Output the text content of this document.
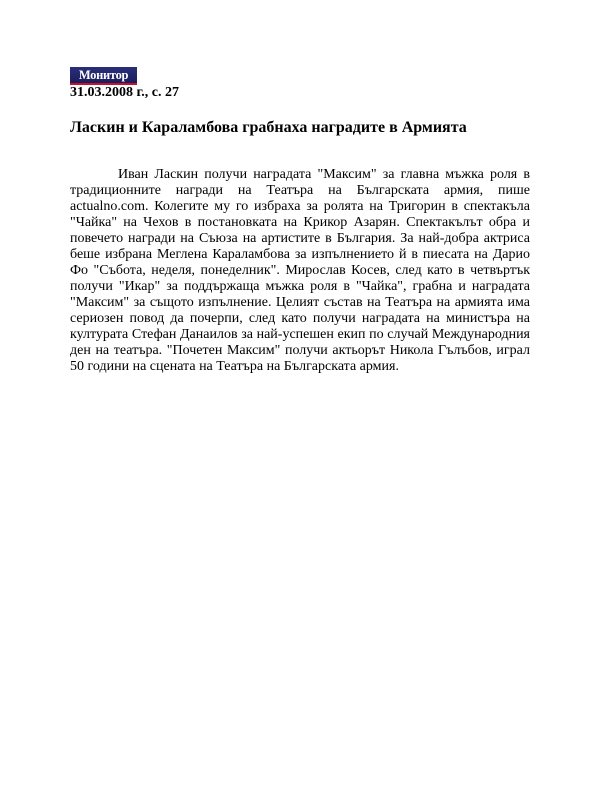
Монитор
31.03.2008 г., с. 27
Ласкин и Караламбова грабнаха наградите в Армията

Иван Ласкин получи наградата "Максим" за главна мъжка роля в традиционните награди на Театъра на Българската армия, пише actualno.com. Колегите му го избраха за ролята на Тригорин в спектакъла "Чайка" на Чехов в постановката на Крикор Азарян. Спектакълът обра и повечето награди на Съюза на артистите в България. За най-добра актриса беше избрана Меглена Караламбова за изпълнението й в пиесата на Дарио Фо "Събота, неделя, понеделник". Мирослав Косев, след като в четвъртък получи "Икар" за поддържаща мъжка роля в "Чайка", грабна и наградата "Максим" за същото изпълнение. Целият състав на Театъра на армията има сериозен повод да почерпи, след като получи наградата на министъра на културата Стефан Данаилов за най-успешен екип по случай Международния ден на театъра. "Почетен Максим" получи актьорът Никола Гълъбов, играл 50 години на сцената на Театъра на Българската армия.
